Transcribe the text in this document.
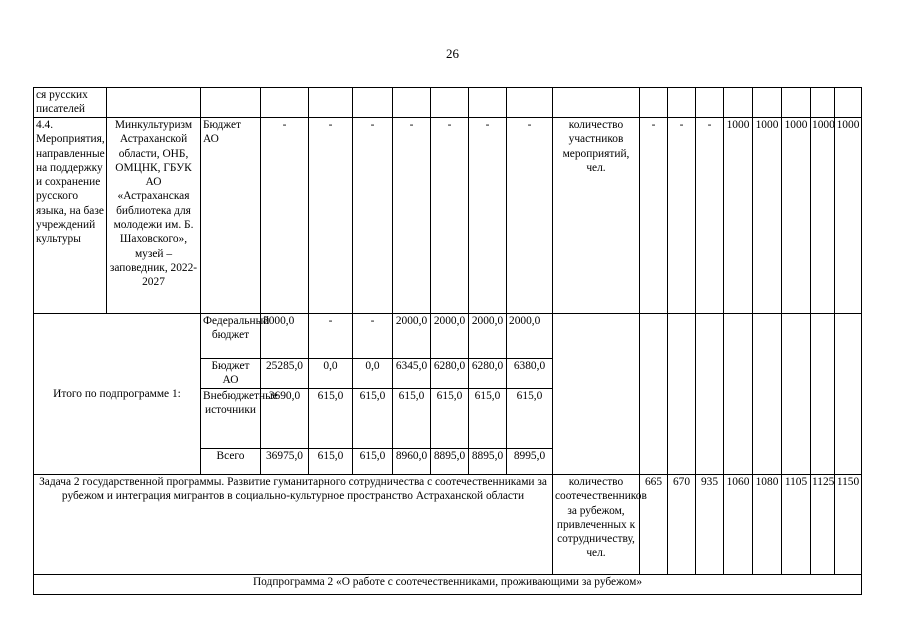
26
ся русских писателей																		
4.4. Мероприятия, направленные на поддержку и сохранение русского языка, на базе учреждений культуры	Минкультуризм Астраханской области, ОНБ, ОМЦНК, ГБУК АО «Астраханская библиотека для молодежи им. Б. Шаховского», музей – заповедник, 2022-2027	Бюджет АО	-	-	-	-	-	-	-	количество участников мероприятий, чел.	-	-	-	1000	1000	1000	1000	1000
Итого по подпрограмме 1:		Федеральный бюджет	8000,0	-	-	2000,0	2000,0	2000,0	2000,0									
		Бюджет АО	25285,0	0,0	0,0	6345,0	6280,0	6280,0	6380,0									
		Внебюджетные источники	3690,0	615,0	615,0	615,0	615,0	615,0	615,0									
		Всего	36975,0	615,0	615,0	8960,0	8895,0	8895,0	8995,0									
Задача 2 государственной программы. Развитие гуманитарного сотрудничества с соотечественниками за рубежом и интеграция мигрантов в социально-культурное пространство Астраханской области										количество соотечественников за рубежом, привлеченных к сотрудничеству, чел.	665	670	935	1060	1080	1105	1125	1150
Подпрограмма 2 «О работе с соотечественниками, проживающими за рубежом»																		
